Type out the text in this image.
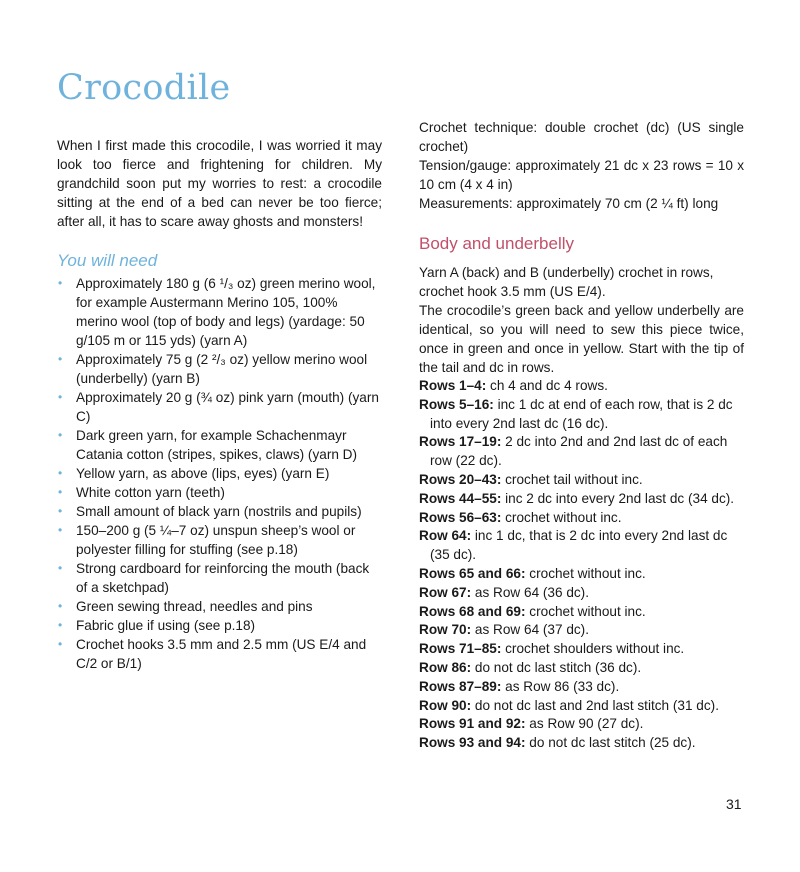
Crocodile

When I first made this crocodile, I was worried it may look too fierce and frightening for children. My grandchild soon put my worries to rest: a crocodile sitting at the end of a bed can never be too fierce; after all, it has to scare away ghosts and monsters!

You will need
• Approximately 180 g (6 ¹/₃ oz) green merino wool, for example Austermann Merino 105, 100% merino wool (top of body and legs) (yardage: 50 g/105 m or 115 yds) (yarn A)
• Approximately 75 g (2 ²/₃ oz) yellow merino wool (underbelly) (yarn B)
• Approximately 20 g (¾ oz) pink yarn (mouth) (yarn C)
• Dark green yarn, for example Schachenmayr Catania cotton (stripes, spikes, claws) (yarn D)
• Yellow yarn, as above (lips, eyes) (yarn E)
• White cotton yarn (teeth)
• Small amount of black yarn (nostrils and pupils)
• 150–200 g (5 ¼–7 oz) unspun sheep’s wool or polyester filling for stuffing (see p.18)
• Strong cardboard for reinforcing the mouth (back of a sketchpad)
• Green sewing thread, needles and pins
• Fabric glue if using (see p.18)
• Crochet hooks 3.5 mm and 2.5 mm (US E/4 and C/2 or B/1)

Crochet technique: double crochet (dc) (US single crochet)

Tension/gauge: approximately 21 dc x 23 rows = 10 x 10 cm (4 x 4 in)

Measurements: approximately 70 cm (2 ¼ ft) long

Body and underbelly

Yarn A (back) and B (underbelly) crochet in rows, crochet hook 3.5 mm (US E/4).

The crocodile’s green back and yellow underbelly are identical, so you will need to sew this piece twice, once in green and once in yellow. Start with the tip of the tail and dc in rows.

Rows 1–4: ch 4 and dc 4 rows.
Rows 5–16: inc 1 dc at end of each row, that is 2 dc into every 2nd last dc (16 dc).
Rows 17–19: 2 dc into 2nd and 2nd last dc of each row (22 dc).
Rows 20–43: crochet tail without inc.
Rows 44–55: inc 2 dc into every 2nd last dc (34 dc).
Rows 56–63: crochet without inc.
Row 64: inc 1 dc, that is 2 dc into every 2nd last dc (35 dc).
Rows 65 and 66: crochet without inc.
Row 67: as Row 64 (36 dc).
Rows 68 and 69: crochet without inc.
Row 70: as Row 64 (37 dc).
Rows 71–85: crochet shoulders without inc.
Row 86: do not dc last stitch (36 dc).
Rows 87–89: as Row 86 (33 dc).
Row 90: do not dc last and 2nd last stitch (31 dc).
Rows 91 and 92: as Row 90 (27 dc).
Rows 93 and 94: do not dc last stitch (25 dc).
31
